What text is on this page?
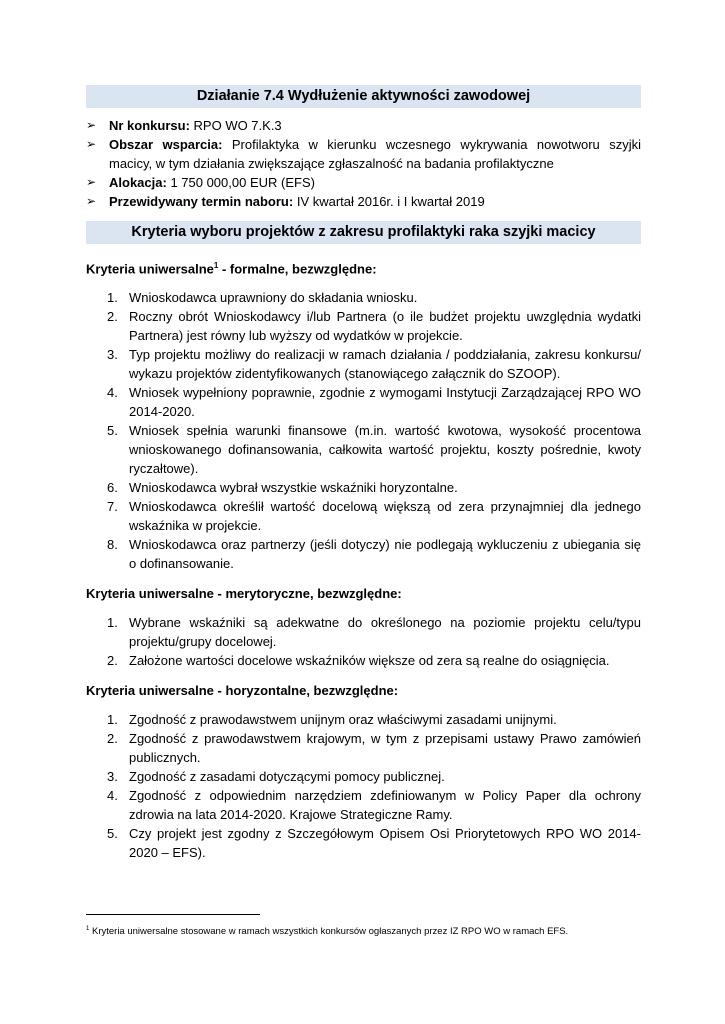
Działanie 7.4 Wydłużenie aktywności zawodowej
➢ Nr konkursu: RPO WO 7.K.3
➢ Obszar wsparcia: Profilaktyka w kierunku wczesnego wykrywania nowotworu szyjki macicy, w tym działania zwiększające zgłaszalność na badania profilaktyczne
➢ Alokacja: 1 750 000,00 EUR (EFS)
➢ Przewidywany termin naboru: IV kwartał 2016r. i I kwartał 2019
Kryteria wyboru projektów z zakresu profilaktyki raka szyjki macicy

Kryteria uniwersalne$^1$ - formalne, bezwzględne:

1. Wnioskodawca uprawniony do składania wniosku.
2. Roczny obrót Wnioskodawcy i/lub Partnera (o ile budżet projektu uwzględnia wydatki Partnera) jest równy lub wyższy od wydatków w projekcie.
3. Typ projektu możliwy do realizacji w ramach działania / poddziałania, zakresu konkursu/ wykazu projektów zidentyfikowanych (stanowiącego załącznik do SZOOP).
4. Wniosek wypełniony poprawnie, zgodnie z wymogami Instytucji Zarządzającej RPO WO 2014-2020.
5. Wniosek spełnia warunki finansowe (m.in. wartość kwotowa, wysokość procentowa wnioskowanego dofinansowania, całkowita wartość projektu, koszty pośrednie, kwoty ryczałtowe).
6. Wnioskodawca wybrał wszystkie wskaźniki horyzontalne.
7. Wnioskodawca określił wartość docelową większą od zera przynajmniej dla jednego wskaźnika w projekcie.
8. Wnioskodawca oraz partnerzy (jeśli dotyczy) nie podlegają wykluczeniu z ubiegania się o dofinansowanie.

Kryteria uniwersalne - merytoryczne, bezwzględne:

1. Wybrane wskaźniki są adekwatne do określonego na poziomie projektu celu/typu projektu/grupy docelowej.
2. Założone wartości docelowe wskaźników większe od zera są realne do osiągnięcia.

Kryteria uniwersalne - horyzontalne, bezwzględne:

1. Zgodność z prawodawstwem unijnym oraz właściwymi zasadami unijnymi.
2. Zgodność z prawodawstwem krajowym, w tym z przepisami ustawy Prawo zamówień publicznych.
3. Zgodność z zasadami dotyczącymi pomocy publicznej.
4. Zgodność z odpowiednim narzędziem zdefiniowanym w Policy Paper dla ochrony zdrowia na lata 2014-2020. Krajowe Strategiczne Ramy.
5. Czy projekt jest zgodny z Szczegółowym Opisem Osi Priorytetowych RPO WO 2014-2020 – EFS).
$^1$ Kryteria uniwersalne stosowane w ramach wszystkich konkursów ogłaszanych przez IZ RPO WO w ramach EFS.
